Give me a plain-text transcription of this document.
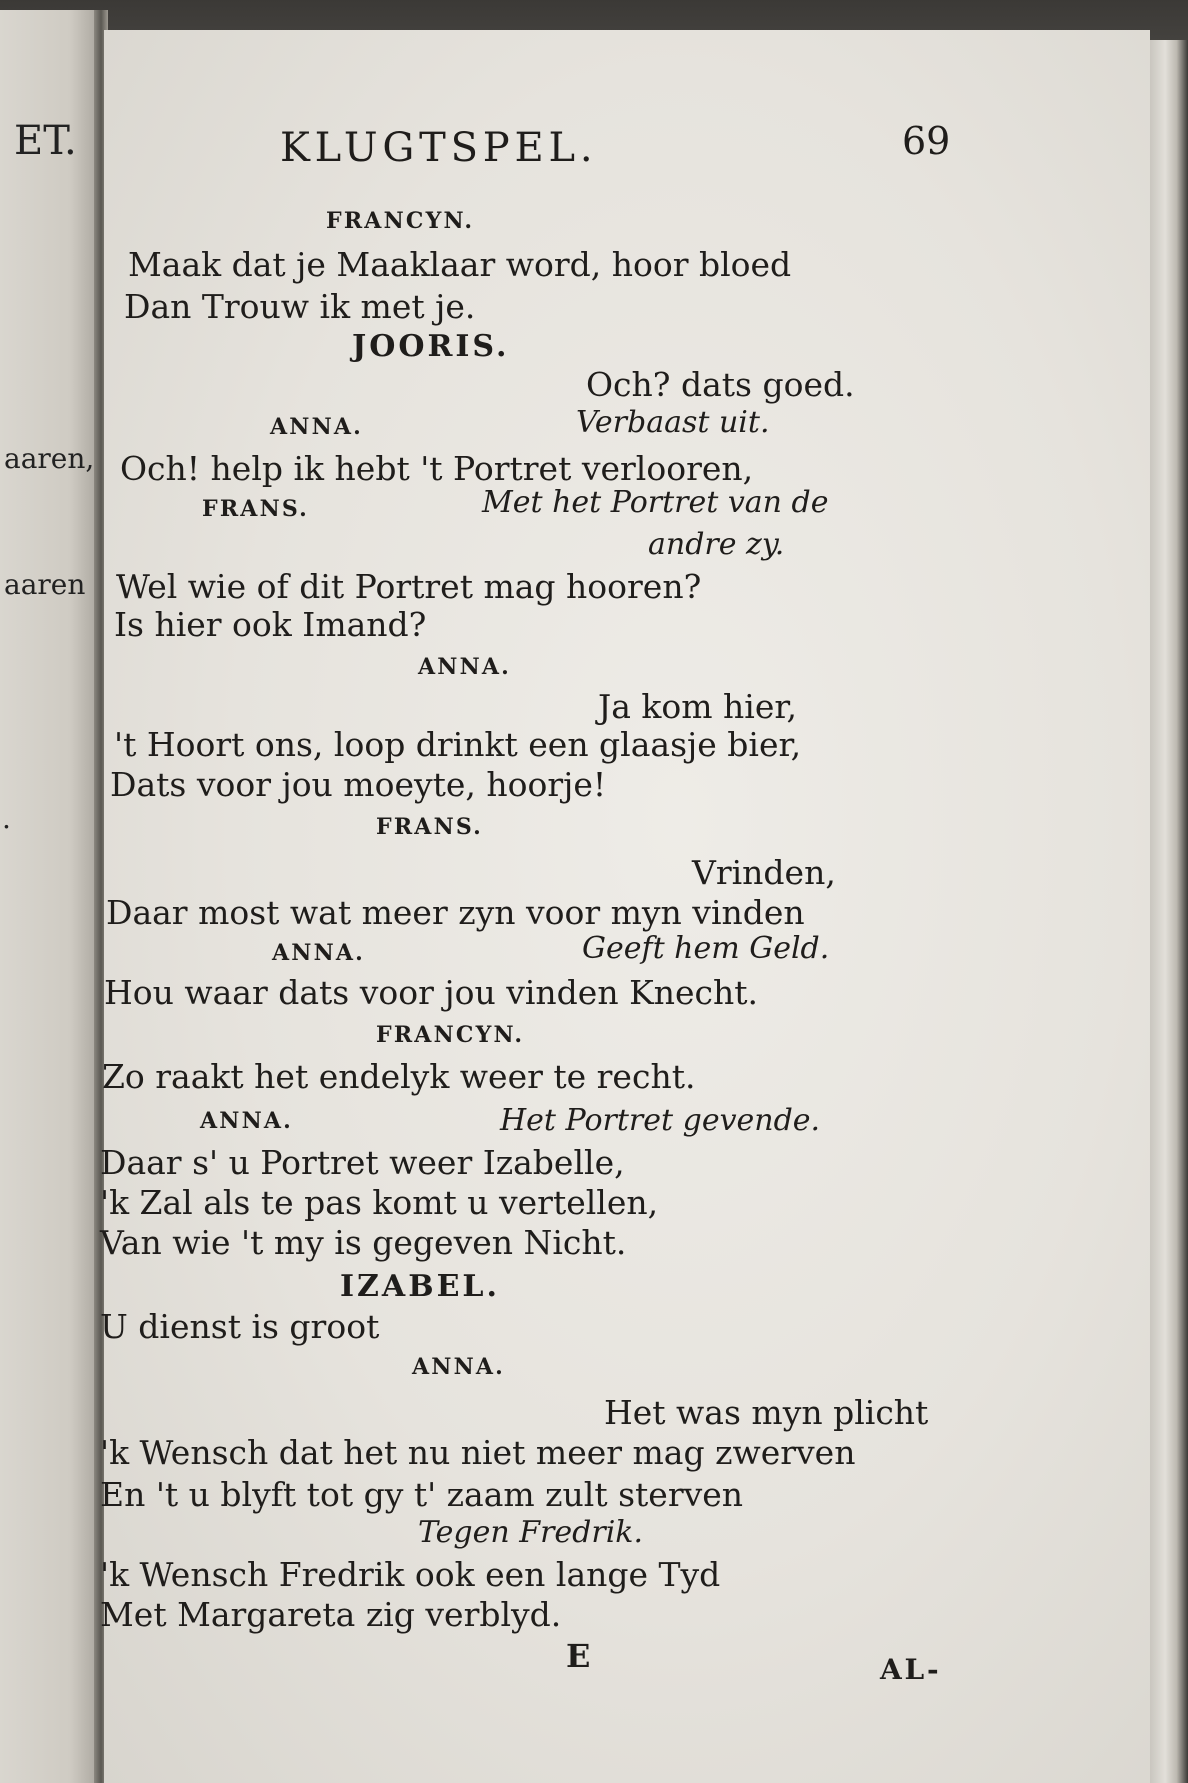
ET.
aaren,
aaren
.
KLUGTSPEL.	69
FRANCYN.
Maak dat je Maaklaar word, hoor bloed
Dan Trouw ik met je.
JOORIS.
Och? dats goed.
ANNA.	Verbaast uit.
Och! help ik hebt 't Portret verlooren,
FRANS.	Met het Portret van de
andre zy.
Wel wie of dit Portret mag hooren?
Is hier ook Imand?
ANNA.
Ja kom hier,
't Hoort ons, loop drinkt een glaasje bier,
Dats voor jou moeyte, hoorje!
FRANS.
Vrinden,
Daar most wat meer zyn voor myn vinden
ANNA.	Geeft hem Geld.
Hou waar dats voor jou vinden Knecht.
FRANCYN.
Zo raakt het endelyk weer te recht.
ANNA.	Het Portret gevende.
Daar s' u Portret weer Izabelle,
'k Zal als te pas komt u vertellen,
Van wie 't my is gegeven Nicht.
IZABEL.
U dienst is groot
ANNA.
Het was myn plicht
'k Wensch dat het nu niet meer mag zwerven
En 't u blyft tot gy t' zaam zult sterven
Tegen Fredrik.
'k Wensch Fredrik ook een lange Tyd
Met Margareta zig verblyd.
E	AL-
